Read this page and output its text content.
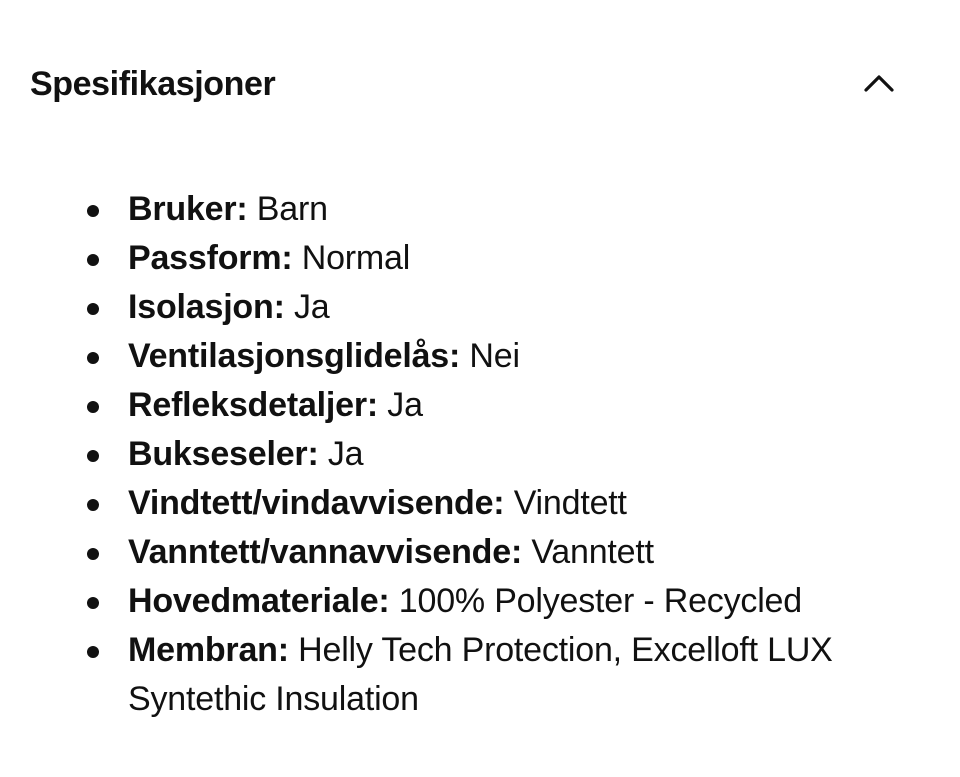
Spesifikasjoner
Bruker: Barn
Passform: Normal
Isolasjon: Ja
Ventilasjonsglidelås: Nei
Refleksdetaljer: Ja
Bukseseler: Ja
Vindtett/vindavvisende: Vindtett
Vanntett/vannavvisende: Vanntett
Hovedmateriale: 100% Polyester - Recycled
Membran: Helly Tech Protection, Excelloft LUX Syntethic Insulation
